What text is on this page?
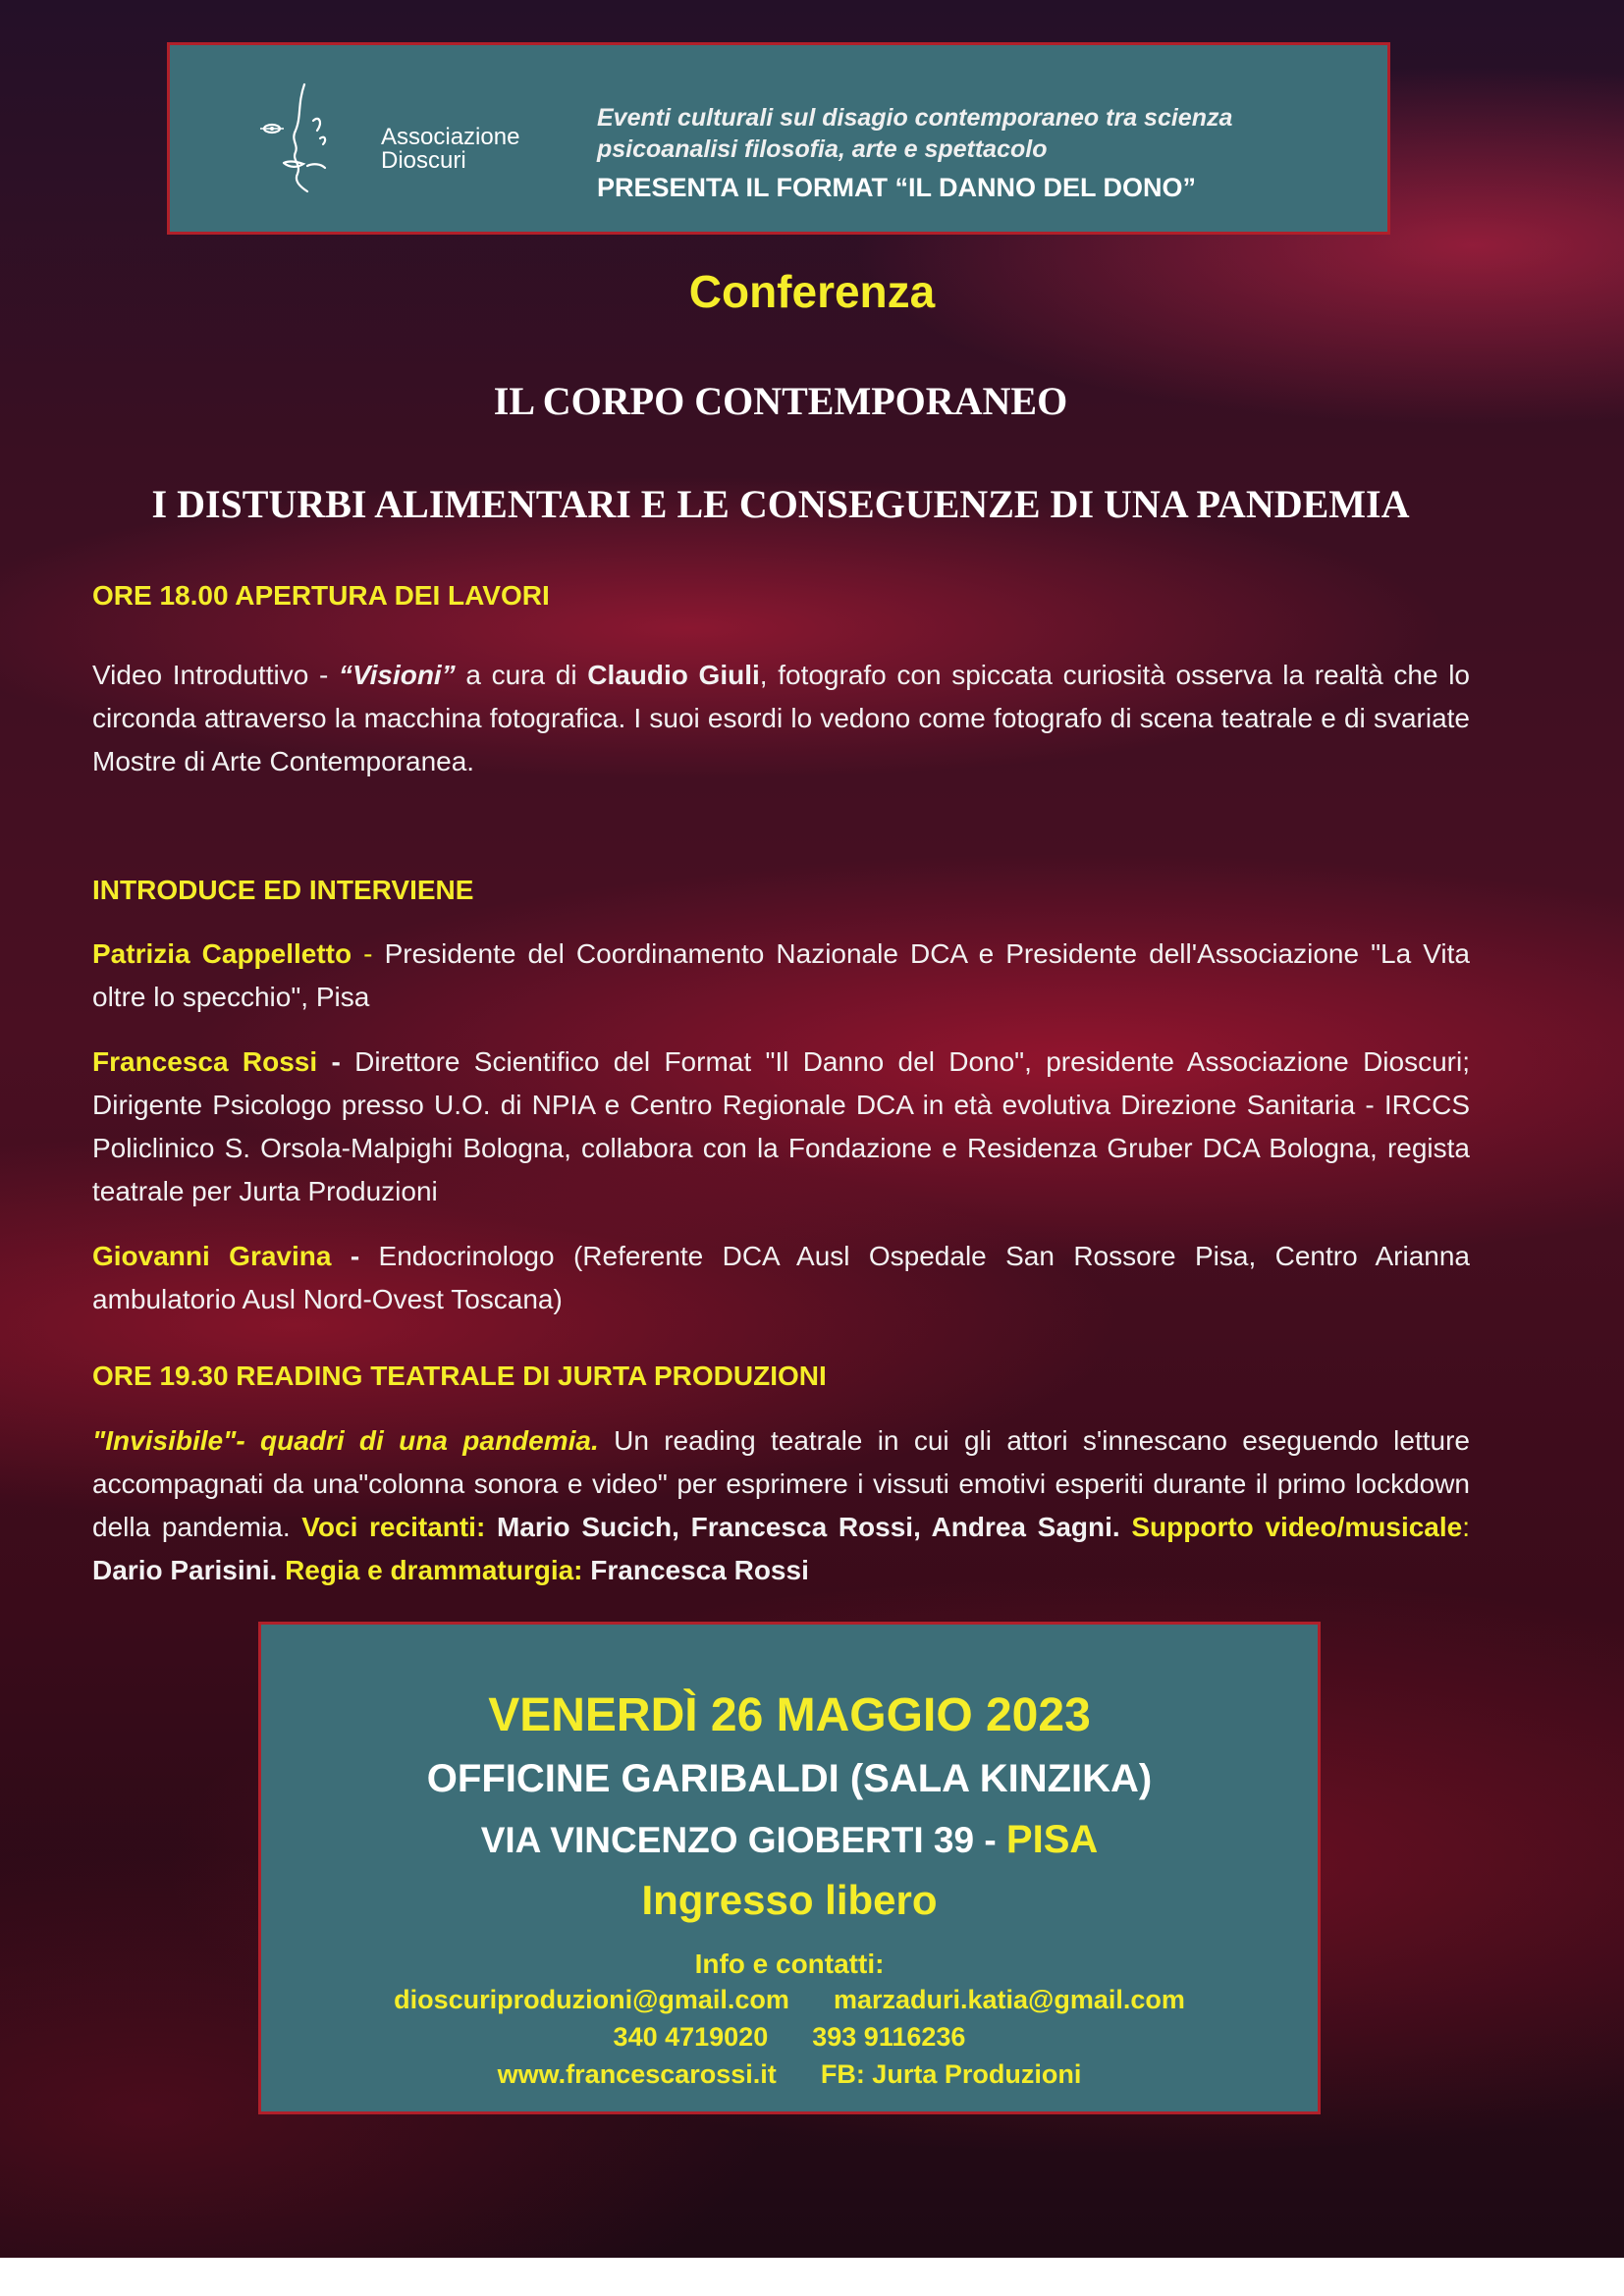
Associazione
Dioscuri
Eventi culturali sul disagio contemporaneo tra scienza
psicoanalisi filosofia, arte e spettacolo
PRESENTA IL FORMAT “IL DANNO DEL DONO”
Conferenza
IL CORPO CONTEMPORANEO
I DISTURBI ALIMENTARI E LE CONSEGUENZE DI UNA PANDEMIA
ORE 18.00 APERTURA DEI LAVORI
Video Introduttivo - “Visioni” a cura di Claudio Giuli, fotografo con spiccata curiosità osserva la realtà che lo circonda attraverso la macchina fotografica. I suoi esordi lo vedono come fotografo di scena teatrale e di svariate Mostre di Arte Contemporanea.
INTRODUCE ED INTERVIENE
Patrizia Cappelletto - Presidente del Coordinamento Nazionale DCA e Presidente dell'Associazione "La Vita oltre lo specchio", Pisa
Francesca Rossi - Direttore Scientifico del Format "Il Danno del Dono", presidente Associazione Dioscuri; Dirigente Psicologo presso U.O. di NPIA e Centro Regionale DCA in età evolutiva Direzione Sanitaria - IRCCS Policlinico S. Orsola-Malpighi Bologna, collabora con la Fondazione e Residenza Gruber DCA Bologna, regista teatrale per Jurta Produzioni
Giovanni Gravina - Endocrinologo (Referente DCA Ausl Ospedale San Rossore Pisa, Centro Arianna ambulatorio Ausl Nord-Ovest Toscana)
ORE 19.30 READING TEATRALE DI JURTA PRODUZIONI
"Invisibile"- quadri di una pandemia. Un reading teatrale in cui gli attori s'innescano eseguendo letture accompagnati da una"colonna sonora e video" per esprimere i vissuti emotivi esperiti durante il primo lockdown della pandemia. Voci recitanti: Mario Sucich, Francesca Rossi, Andrea Sagni. Supporto video/musicale: Dario Parisini. Regia e drammaturgia: Francesca Rossi
VENERDÌ 26 MAGGIO 2023
OFFICINE GARIBALDI (SALA KINZIKA)
VIA VINCENZO GIOBERTI 39 - PISA
Ingresso libero
Info e contatti:
dioscuriproduzioni@gmail.com marzaduri.katia@gmail.com
340 4719020 393 9116236
www.francescarossi.it FB: Jurta Produzioni
